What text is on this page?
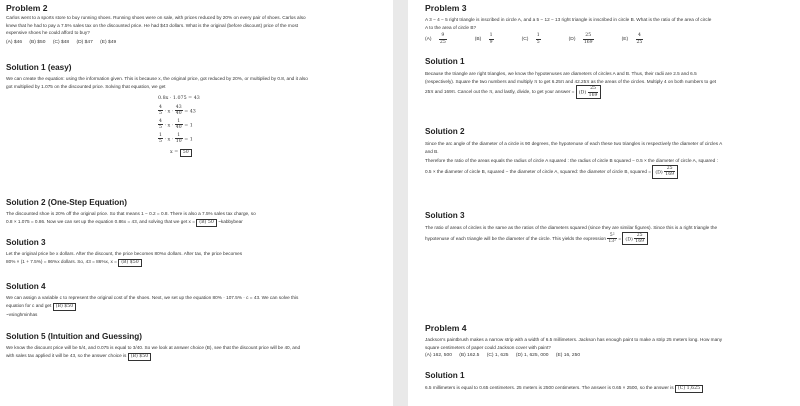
Problem 2

Carlos went to a sports store to buy running shoes. Running shoes were on sale, with prices reduced by 20% on every pair of shoes. Carlos also

knew that he had to pay a 7.5% sales tax on the discounted price. He had $43 dollars. What is the original (before discount) price of the most

expensive shoes he could afford to buy?

(A) $46 (B) $50 (C) $48 (D) $47 (E) $49
Solution 1 (easy)

We can create the equation: using the information given. This is because x, the original price, got reduced by 20%, or multiplied by 0.8, and it also

got multiplied by 1.075 on the discounted price. Solving that equation, we get

0.8x · 1.075 = 43
$\frac{4}{5} \cdot x \cdot \frac{43}{40} = 43$
$\frac{4}{5} \cdot x \cdot \frac{1}{40} = 1$
$\frac{1}{5} \cdot x \cdot \frac{1}{10} = 1$
x = 50
Solution 2 (One-Step Equation)

The discounted shoe is 20% off the original price. So that means 1 − 0.2 = 0.8. There is also a 7.5% sales tax charge, so

0.8 × 1.075 = 0.86. Now we can set up the equation 0.86x = 43, and solving that we get x = (B) 50 ~kabbybear

Solution 3

Let the original price be x dollars. After the discount, the price becomes 80%x dollars. After tax, the price becomes

80% × (1 + 7.5%) = 86%x dollars. So, 43 = 86%x, x = (B) $50

Solution 4

We can assign a variable c to represent the original cost of the shoes. Next, we set up the equation 80% · 107.5% · c = 43. We can solve this

equation for c and get (B) $50

~vsinghminhas

Solution 5 (Intuition and Guessing)

We know the discount price will be 5/4, and 0.075 is equal to 3/40. So we look at answer choice (B), see that the discount price will be 40, and

with sales tax applied it will be 43, so the answer choice is (B) $50

Problem 3

A 3 − 4 − 5 right triangle is inscribed in circle A, and a 5 − 12 − 13 right triangle is inscribed in circle B. What is the ratio of the area of circle

A to the area of circle B?

$(A) \frac{9}{25}$	$(B) \frac{1}{9}$	$(C) \frac{1}{5}$	$(D) \frac{25}{169}$	$(E) \frac{4}{25}$
Solution 1

Because the triangle are right triangles, we know the hypotenuses are diameters of circles A and B. Thus, their radii are 2.5 and 6.5

(respectively). Square the two numbers and multiply π to get 6.25π and 42.25π as the areas of the circles. Multiply 4 on both numbers to get

25π and 169π. Cancel out the π, and lastly, divide, to get your answer = $(D) \frac{25}{169}$

Solution 2

Since the arc angle of the diameter of a circle is 90 degrees, the hypotenuse of each these two triangles is respectively the diameter of circles A

and B.

Therefore the ratio of the areas equals the radius of circle A squared : the radius of circle B squared − 0.5 × the diameter of circle A, squared :

0.5 × the diameter of circle B, squared − the diameter of circle A, squared: the diameter of circle B, squared = $(D) \frac{25}{169}$

Solution 3

The ratio of areas of circles is the same as the ratios of the diameters squared (since they are similar figures). Since this is a right triangle the

hypotenuse of each triangle will be the diameter of the circle. This yields the expression $\frac{\text{5²}}{\text{13²}} = (D) \frac{25}{169}$

Problem 4

Jackson's paintbrush makes a narrow strip with a width of 6.5 millimeters. Jackson has enough paint to make a strip 25 meters long. How many

square centimeters of paper could Jackson cover with paint?

(A) 162, 500 (B) 162.5 (C) 1, 625 (D) 1, 625, 000 (E) 16, 250
Solution 1

6.5 millimeters is equal to 0.65 centimeters. 25 meters is 2500 centimeters. The answer is 0.65 × 2500, so the answer is (C) 1,625
